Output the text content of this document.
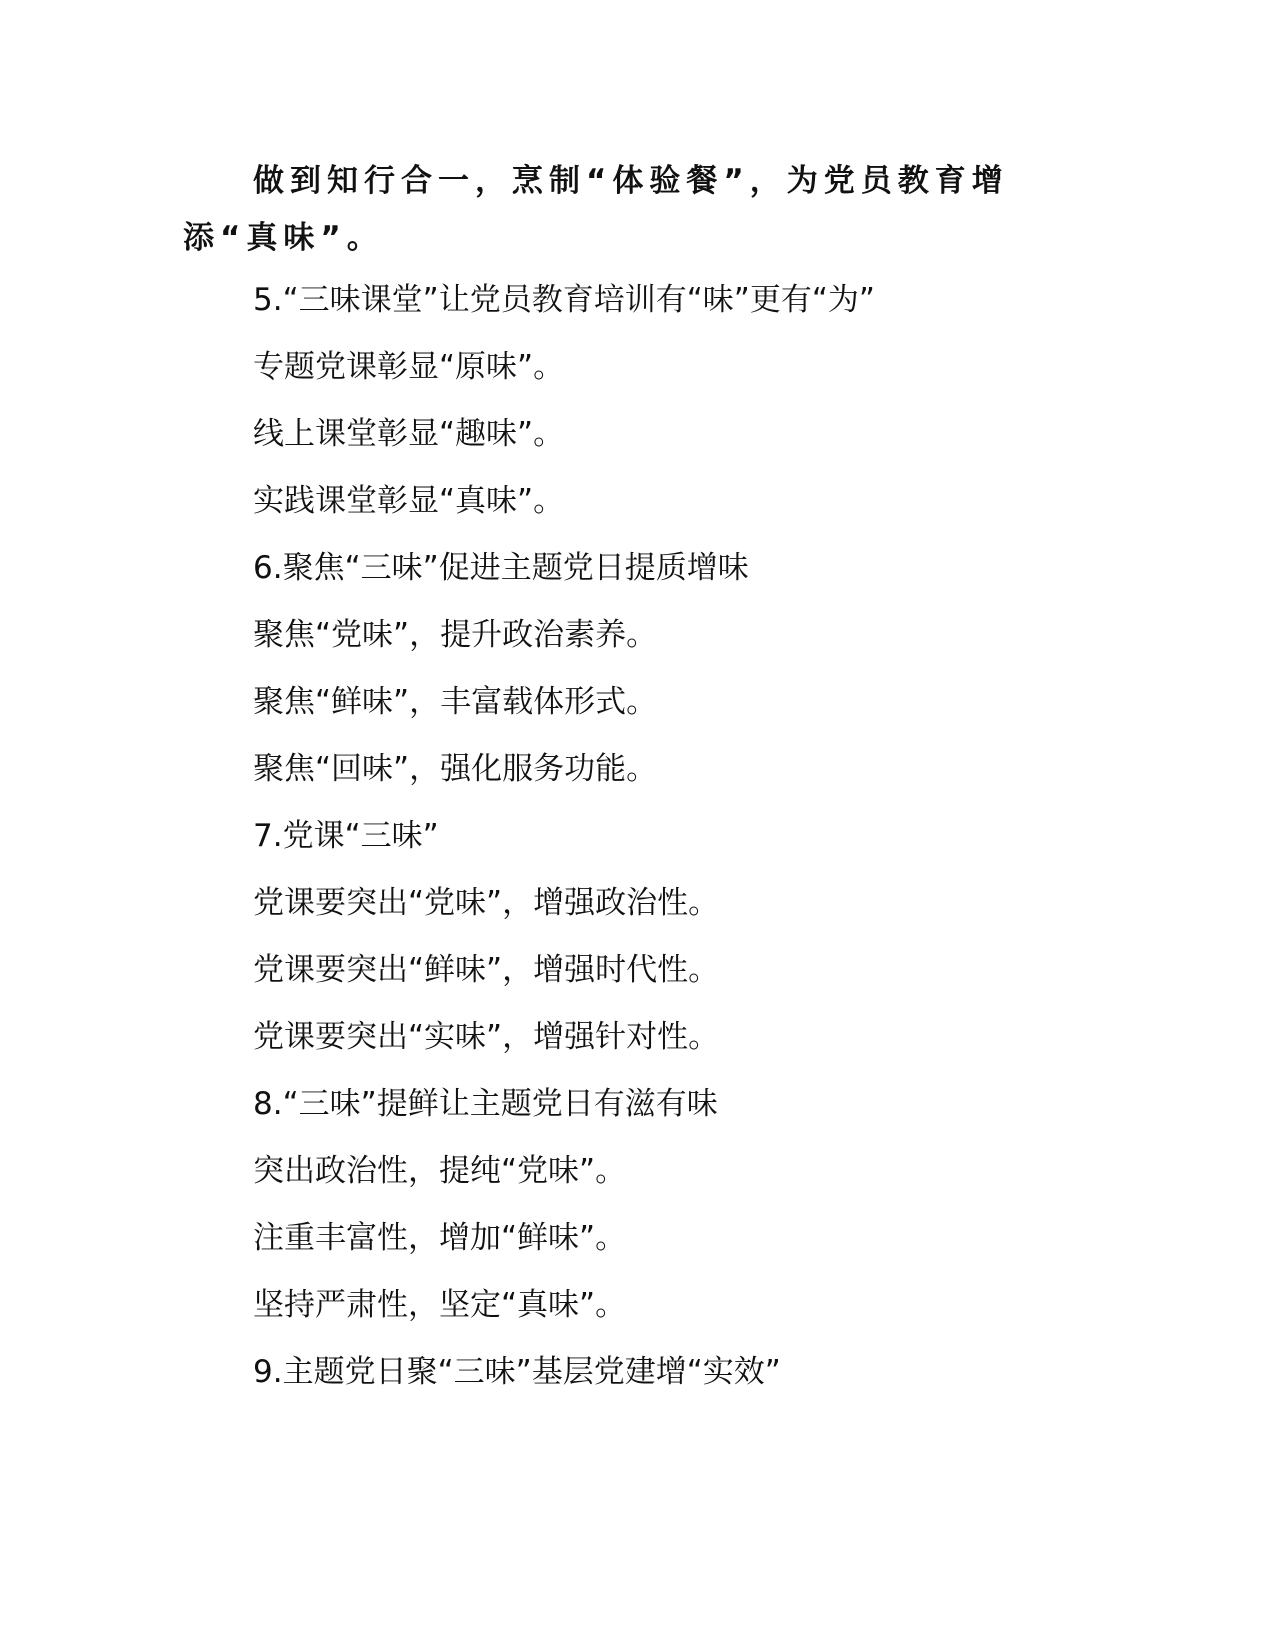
做到知行合一，烹制“体验餐”，为党员教育增添“真味”。

5.“三味课堂”让党员教育培训有“味”更有“为”

专题党课彰显“原味”。

线上课堂彰显“趣味”。

实践课堂彰显“真味”。

6.聚焦“三味”促进主题党日提质增味

聚焦“党味”，提升政治素养。

聚焦“鲜味”，丰富载体形式。

聚焦“回味”，强化服务功能。

7.党课“三味”

党课要突出“党味”，增强政治性。

党课要突出“鲜味”，增强时代性。

党课要突出“实味”，增强针对性。

8.“三味”提鲜让主题党日有滋有味

突出政治性，提纯“党味”。

注重丰富性，增加“鲜味”。

坚持严肃性，坚定“真味”。

9.主题党日聚“三味”基层党建增“实效”
